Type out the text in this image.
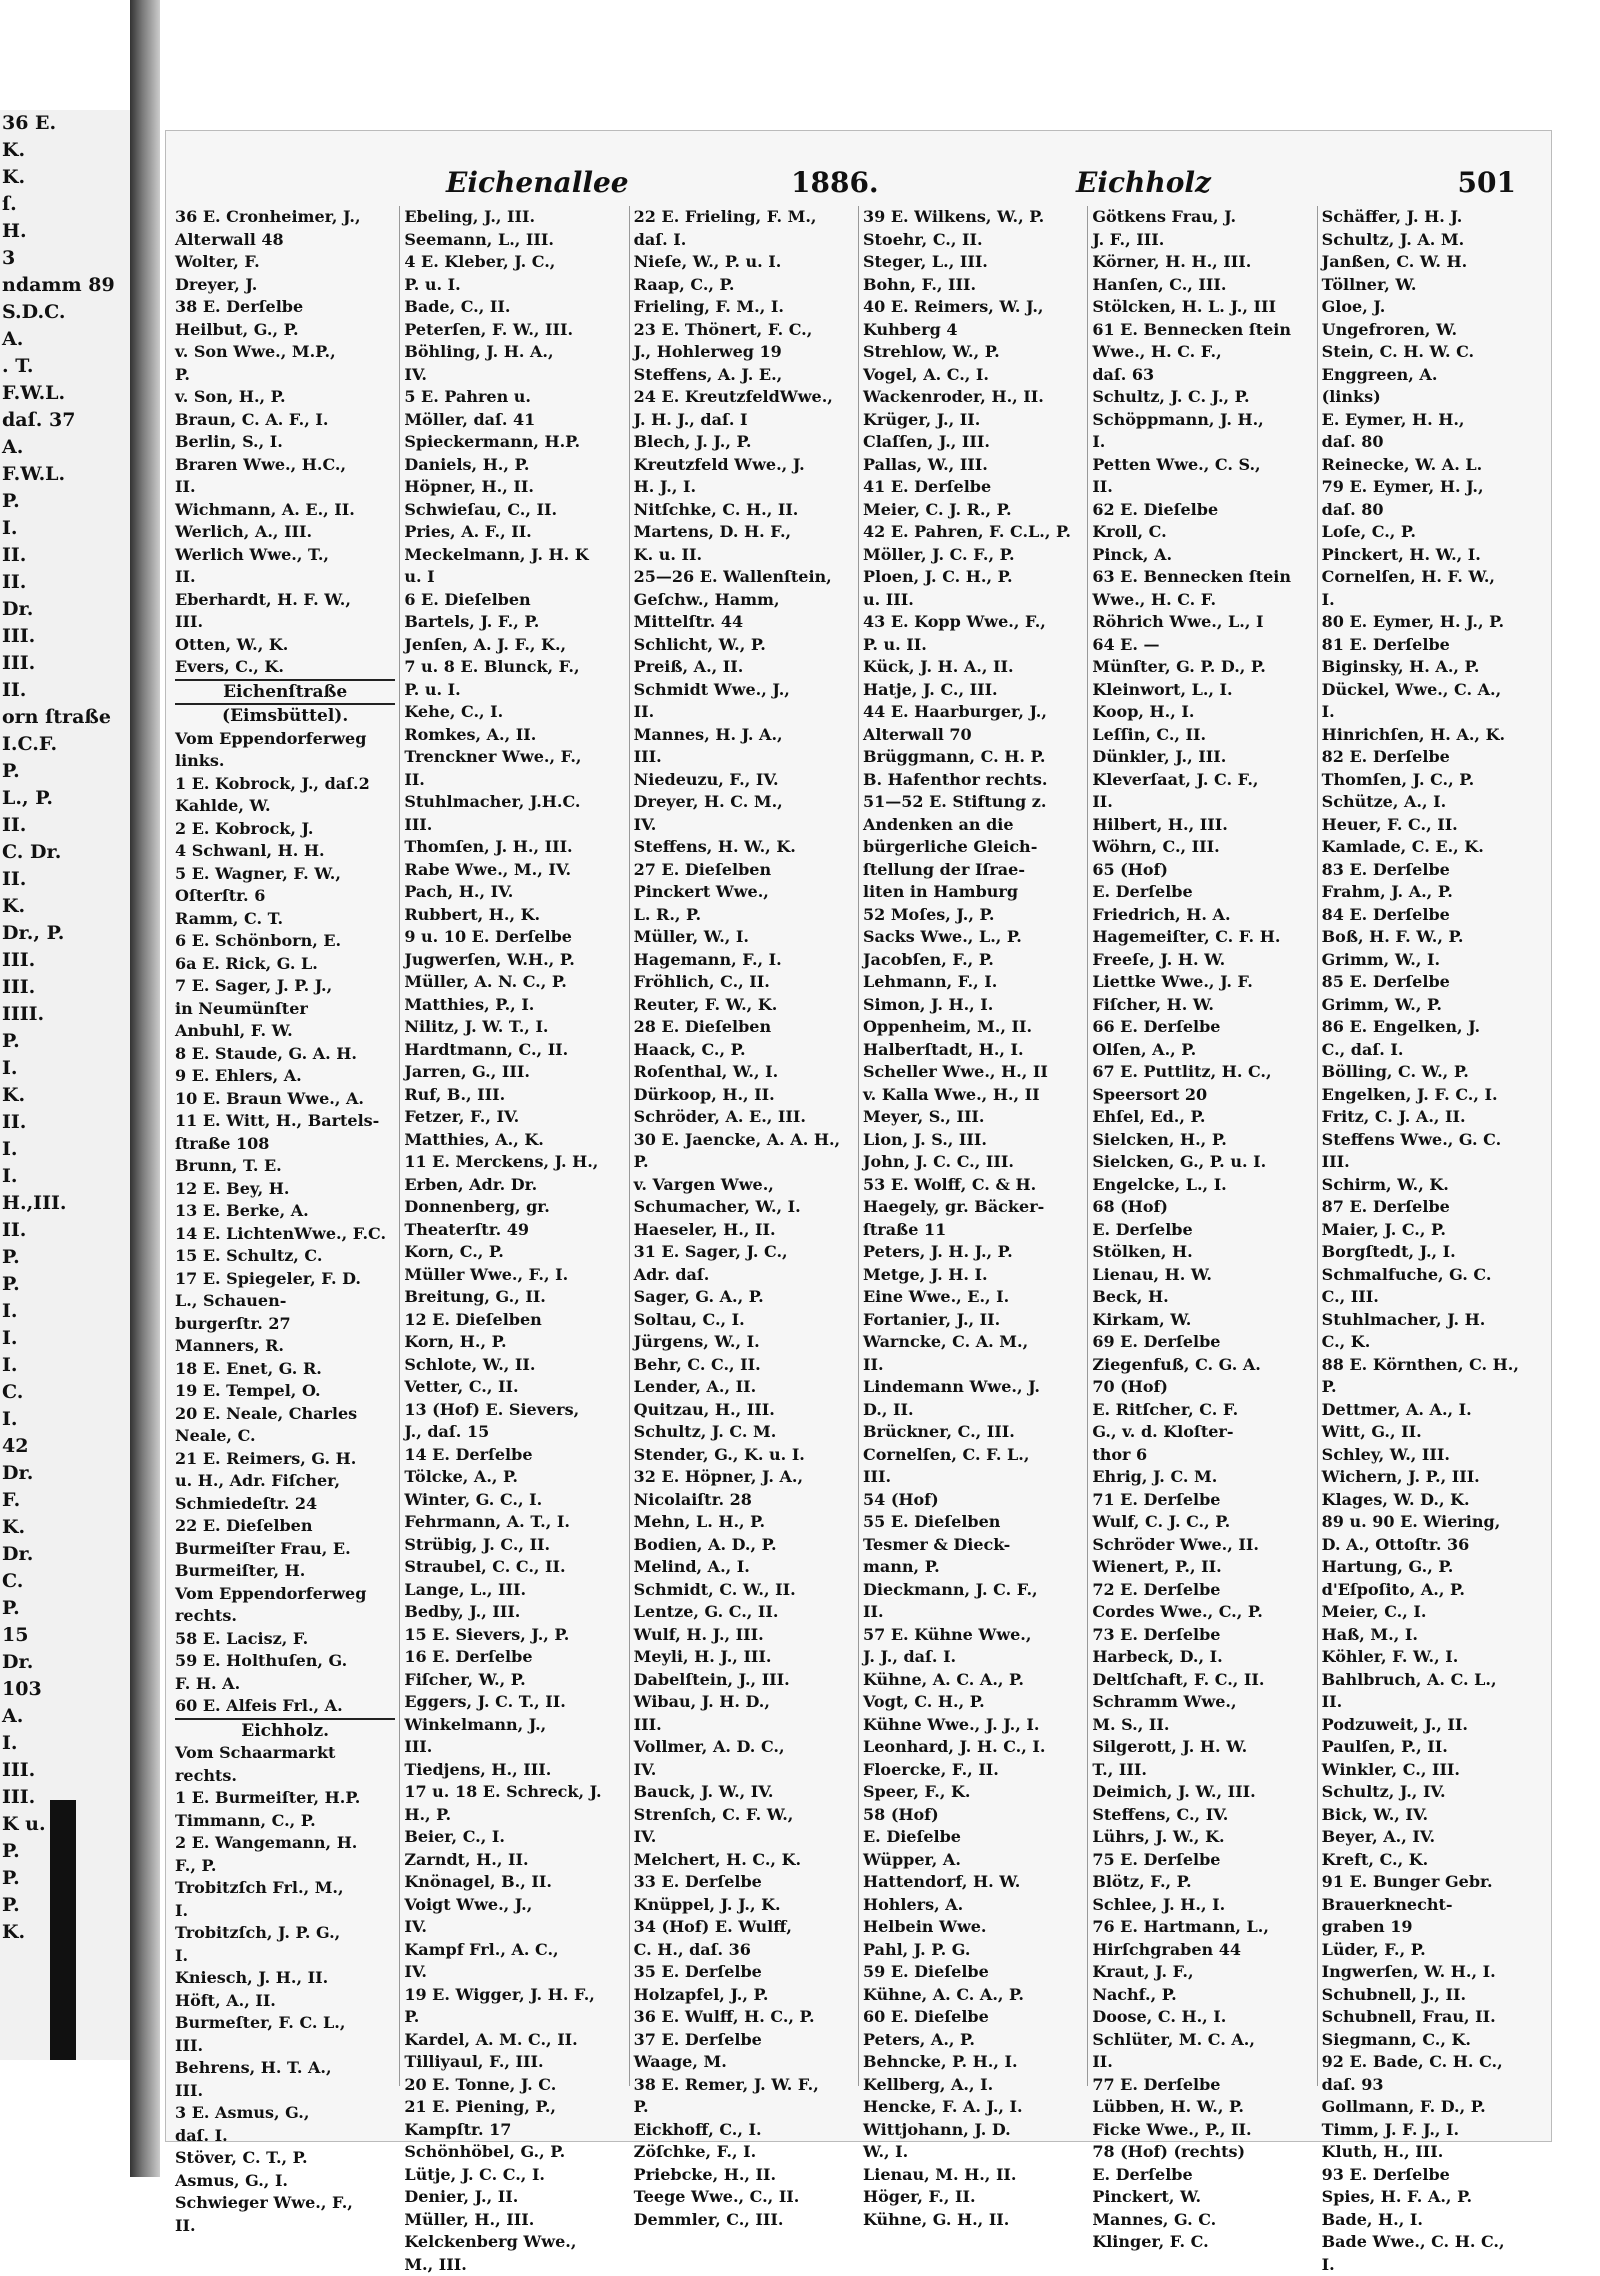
36 E.
K.
K.
ſ.
H.
3
ndamm 89
S.D.C.
A.
. T.
F.W.L.
daſ. 37
A.
F.W.L.
P.
I.
II.
II.
Dr.
III.
III.
II.
orn ſtraße
I.C.F.
P.
L., P.
II.
C. Dr.
II.
K.
Dr., P.
III.
III.
IIII.
P.
I.
K.
II.
I.
I.
H.,III.
II.
P.
P.
I.
I.
I.
C.
I.
42
Dr.
F.
K.
Dr.
C.
P.
15
Dr.
103
A.
I.
III.
III.
K u.
P.
P.
P.
K.
Eichenallee	1886.	Eichholz	501
36 E. Cronheimer, J.,
Alterwall 48
Wolter, F.
Dreyer, J.
38 E. Derſelbe
Heilbut, G., P.
v. Son Wwe., M.P.,
P.
v. Son, H., P.
Braun, C. A. F., I.
Berlin, S., I.
Braren Wwe., H.C.,
II.
Wichmann, A. E., II.
Werlich, A., III.
Werlich Wwe., T.,
II.
Eberhardt, H. F. W.,
III.
Otten, W., K.
Evers, C., K.
Eichenſtraße
(Eimsbüttel).
Vom Eppendorferweg
links.
1 E. Kobrock, J., daſ.2
Kahlde, W.
2 E. Kobrock, J.
4 Schwanl, H. H.
5 E. Wagner, F. W.,
Oſterſtr. 6
Ramm, C. T.
6 E. Schönborn, E.
6a E. Rick, G. L.
7 E. Sager, J. P. J.,
in Neumünſter
Anbuhl, F. W.
8 E. Staude, G. A. H.
9 E. Ehlers, A.
10 E. Braun Wwe., A.
11 E. Witt, H., Bartels-
ſtraße 108
Brunn, T. E.
12 E. Bey, H.
13 E. Berke, A.
14 E. LichtenWwe., F.C.
15 E. Schultz, C.
17 E. Spiegeler, F. D.
L., Schauen-
burgerſtr. 27
Manners, R.
18 E. Enet, G. R.
19 E. Tempel, O.
20 E. Neale, Charles
Neale, C.
21 E. Reimers, G. H.
u. H., Adr. Fiſcher,
Schmiedeſtr. 24
22 E. Dieſelben
Burmeiſter Frau, E.
Burmeiſter, H.
Vom Eppendorferweg
rechts.
58 E. Lacisz, F.
59 E. Holthuſen, G.
F. H. A.
60 E. Alfeis Frl., A.
Eichholz.
Vom Schaarmarkt
rechts.
1 E. Burmeiſter, H.P.
Timmann, C., P.
2 E. Wangemann, H.
F., P.
Trobitzſch Frl., M.,
I.
Trobitzſch, J. P. G.,
I.
Kniesch, J. H., II.
Höft, A., II.
Burmeſter, F. C. L.,
III.
Behrens, H. T. A.,
III.
3 E. Asmus, G.,
daſ. I.
Stöver, C. T., P.
Asmus, G., I.
Schwieger Wwe., F.,
II.
Ebeling, J., III.
Seemann, L., III.
4 E. Kleber, J. C.,
P. u. I.
Bade, C., II.
Peterſen, F. W., III.
Böhling, J. H. A.,
IV.
5 E. Pahren u.
Möller, daſ. 41
Spieckermann, H.P.
Daniels, H., P.
Höpner, H., II.
Schwieſau, C., II.
Pries, A. F., II.
Meckelmann, J. H. K
u. I
6 E. Dieſelben
Bartels, J. F., P.
Jenſen, A. J. F., K.,
7 u. 8 E. Blunck, F.,
P. u. I.
Kehe, C., I.
Romkes, A., II.
Trenckner Wwe., F.,
II.
Stuhlmacher, J.H.C.
III.
Thomſen, J. H., III.
Rabe Wwe., M., IV.
Pach, H., IV.
Rubbert, H., K.
9 u. 10 E. Derſelbe
Jugwerſen, W.H., P.
Müller, A. N. C., P.
Matthies, P., I.
Nilitz, J. W. T., I.
Hardtmann, C., II.
Jarren, G., III.
Ruf, B., III.
Fetzer, F., IV.
Matthies, A., K.
11 E. Merckens, J. H.,
Erben, Adr. Dr.
Donnenberg, gr.
Theaterſtr. 49
Korn, C., P.
Müller Wwe., F., I.
Breitung, G., II.
12 E. Dieſelben
Korn, H., P.
Schlote, W., II.
Vetter, C., II.
13 (Hof) E. Sievers,
J., daſ. 15
14 E. Derſelbe
Tölcke, A., P.
Winter, G. C., I.
Fehrmann, A. T., I.
Strübig, J. C., II.
Straubel, C. C., II.
Lange, L., III.
Bedby, J., III.
15 E. Sievers, J., P.
16 E. Derſelbe
Fiſcher, W., P.
Eggers, J. C. T., II.
Winkelmann, J.,
III.
Tiedjens, H., III.
17 u. 18 E. Schreck, J.
H., P.
Beier, C., I.
Zarndt, H., II.
Knönagel, B., II.
Voigt Wwe., J.,
IV.
Kampf Frl., A. C.,
IV.
19 E. Wigger, J. H. F.,
P.
Kardel, A. M. C., II.
Tilliyaul, F., III.
20 E. Tonne, J. C.
21 E. Piening, P.,
Kampſtr. 17
Schönhöbel, G., P.
Lütje, J. C. C., I.
Denier, J., II.
Müller, H., III.
Kelckenberg Wwe.,
M., III.
22 E. Frieling, F. M.,
daſ. I.
Nieſe, W., P. u. I.
Raap, C., P.
Frieling, F. M., I.
23 E. Thönert, F. C.,
J., Hohlerweg 19
Steffens, A. J. E.,
24 E. KreutzfeldWwe.,
J. H. J., daſ. I
Blech, J. J., P.
Kreutzfeld Wwe., J.
H. J., I.
Nitſchke, C. H., II.
Martens, D. H. F.,
K. u. II.
25—26 E. Wallenſtein,
Geſchw., Hamm,
Mittelſtr. 44
Schlicht, W., P.
Preiß, A., II.
Schmidt Wwe., J.,
II.
Mannes, H. J. A.,
III.
Niedeuzu, F., IV.
Dreyer, H. C. M.,
IV.
Steffens, H. W., K.
27 E. Dieſelben
Pinckert Wwe.,
L. R., P.
Müller, W., I.
Hagemann, F., I.
Fröhlich, C., II.
Reuter, F. W., K.
28 E. Dieſelben
Haack, C., P.
Roſenthal, W., I.
Dürkoop, H., II.
Schröder, A. E., III.
30 E. Jaencke, A. A. H.,
P.
v. Vargen Wwe.,
Schumacher, W., I.
Haeseler, H., II.
31 E. Sager, J. C.,
Adr. daſ.
Sager, G. A., P.
Soltau, C., I.
Jürgens, W., I.
Behr, C. C., II.
Lender, A., II.
Quitzau, H., III.
Schultz, J. C. M.
Stender, G., K. u. I.
32 E. Höpner, J. A.,
Nicolaiſtr. 28
Mehn, L. H., P.
Bodien, A. D., P.
Melind, A., I.
Schmidt, C. W., II.
Lentze, G. C., II.
Wulf, H. J., III.
Meyli, H. J., III.
Dabelſtein, J., III.
Wibau, J. H. D.,
III.
Vollmer, A. D. C.,
IV.
Bauck, J. W., IV.
Strenſch, C. F. W.,
IV.
Melchert, H. C., K.
33 E. Derſelbe
Knüppel, J. J., K.
34 (Hof) E. Wulff,
C. H., daſ. 36
35 E. Derſelbe
Holzapfel, J., P.
36 E. Wulff, H. C., P.
37 E. Derſelbe
Waage, M.
38 E. Remer, J. W. F.,
P.
Eickhoff, C., I.
Zöſchke, F., I.
Priebcke, H., II.
Teege Wwe., C., II.
Demmler, C., III.
39 E. Wilkens, W., P.
Stoehr, C., II.
Steger, L., III.
Bohn, F., III.
40 E. Reimers, W. J.,
Kuhberg 4
Strehlow, W., P.
Vogel, A. C., I.
Wackenroder, H., II.
Krüger, J., II.
Claſſen, J., III.
Pallas, W., III.
41 E. Derſelbe
Meier, C. J. R., P.
42 E. Pahren, F. C.L., P.
Möller, J. C. F., P.
Ploen, J. C. H., P.
u. III.
43 E. Kopp Wwe., F.,
P. u. II.
Kück, J. H. A., II.
Hatje, J. C., III.
44 E. Haarburger, J.,
Alterwall 70
Brüggmann, C. H. P.
B. Hafenthor rechts.
51—52 E. Stiftung z.
Andenken an die
bürgerliche Gleich-
ſtellung der Iſrae-
liten in Hamburg
52 Moſes, J., P.
Sacks Wwe., L., P.
Jacobſen, F., P.
Lehmann, F., I.
Simon, J. H., I.
Oppenheim, M., II.
Halberſtadt, H., I.
Scheller Wwe., H., II
v. Kalla Wwe., H., II
Meyer, S., III.
Lion, J. S., III.
John, J. C. C., III.
53 E. Wolff, C. & H.
Haegely, gr. Bäcker-
ſtraße 11
Peters, J. H. J., P.
Metge, J. H. I.
Eine Wwe., E., I.
Fortanier, J., II.
Warncke, C. A. M.,
II.
Lindemann Wwe., J.
D., II.
Brückner, C., III.
Cornelſen, C. F. L.,
III.
54 (Hof)
55 E. Dieſelben
Tesmer & Dieck-
mann, P.
Dieckmann, J. C. F.,
II.
57 E. Kühne Wwe.,
J. J., daſ. I.
Kühne, A. C. A., P.
Vogt, C. H., P.
Kühne Wwe., J. J., I.
Leonhard, J. H. C., I.
Floercke, F., II.
Speer, F., K.
58 (Hof)
E. Dieſelbe
Wüpper, A.
Hattendorf, H. W.
Hohlers, A.
Helbein Wwe.
Pahl, J. P. G.
59 E. Dieſelbe
Kühne, A. C. A., P.
60 E. Dieſelbe
Peters, A., P.
Behncke, P. H., I.
Kellberg, A., I.
Hencke, F. A. J., I.
Wittjohann, J. D.
W., I.
Lienau, M. H., II.
Höger, F., II.
Kühne, G. H., II.
Götkens Frau, J.
J. F., III.
Körner, H. H., III.
Hanſen, C., III.
Stölcken, H. L. J., III
61 E. Bennecken ſtein
Wwe., H. C. F.,
daſ. 63
Schultz, J. C. J., P.
Schöppmann, J. H.,
I.
Petten Wwe., C. S.,
II.
62 E. Dieſelbe
Kroll, C.
Pinck, A.
63 E. Bennecken ſtein
Wwe., H. C. F.
Röhrich Wwe., L., I
64 E. —
Münſter, G. P. D., P.
Kleinwort, L., I.
Koop, H., I.
Leſſin, C., II.
Dünkler, J., III.
Kleverſaat, J. C. F.,
II.
Hilbert, H., III.
Wöhrn, C., III.
65 (Hof)
E. Derſelbe
Friedrich, H. A.
Hagemeiſter, C. F. H.
Freeſe, J. H. W.
Liettke Wwe., J. F.
Fiſcher, H. W.
66 E. Derſelbe
Olſen, A., P.
67 E. Puttlitz, H. C.,
Speersort 20
Ehſel, Ed., P.
Sielcken, H., P.
Sielcken, G., P. u. I.
Engelcke, L., I.
68 (Hof)
E. Derſelbe
Stölken, H.
Lienau, H. W.
Beck, H.
Kirkam, W.
69 E. Derſelbe
Ziegenfuß, C. G. A.
70 (Hof)
E. Ritſcher, C. F.
G., v. d. Kloſter-
thor 6
Ehrig, J. C. M.
71 E. Derſelbe
Wulf, C. J. C., P.
Schröder Wwe., II.
Wienert, P., II.
72 E. Derſelbe
Cordes Wwe., C., P.
73 E. Derſelbe
Harbeck, D., I.
Deltſchaft, F. C., II.
Schramm Wwe.,
M. S., II.
Silgerott, J. H. W.
T., III.
Deimich, J. W., III.
Steffens, C., IV.
Lührs, J. W., K.
75 E. Derſelbe
Blötz, F., P.
Schlee, J. H., I.
76 E. Hartmann, L.,
Hirſchgraben 44
Kraut, J. F.,
Nachf., P.
Doose, C. H., I.
Schlüter, M. C. A.,
II.
77 E. Derſelbe
Lübben, H. W., P.
Ficke Wwe., P., II.
78 (Hof) (rechts)
E. Derſelbe
Pinckert, W.
Mannes, G. C.
Klinger, F. C.
Schäffer, J. H. J.
Schultz, J. A. M.
Janßen, C. W. H.
Töllner, W.
Gloe, J.
Ungefroren, W.
Stein, C. H. W. C.
Enggreen, A.
(links)
E. Eymer, H. H.,
daſ. 80
Reinecke, W. A. L.
79 E. Eymer, H. J.,
daſ. 80
Loſe, C., P.
Pinckert, H. W., I.
Cornelſen, H. F. W.,
I.
80 E. Eymer, H. J., P.
81 E. Derſelbe
Biginsky, H. A., P.
Dückel, Wwe., C. A.,
I.
Hinrichſen, H. A., K.
82 E. Derſelbe
Thomſen, J. C., P.
Schütze, A., I.
Heuer, F. C., II.
Kamlade, C. E., K.
83 E. Derſelbe
Frahm, J. A., P.
84 E. Derſelbe
Boß, H. F. W., P.
Grimm, W., I.
85 E. Derſelbe
Grimm, W., P.
86 E. Engelken, J.
C., daſ. I.
Bölling, C. W., P.
Engelken, J. F. C., I.
Fritz, C. J. A., II.
Steffens Wwe., G. C.
III.
Schirm, W., K.
87 E. Derſelbe
Maier, J. C., P.
Borgſtedt, J., I.
Schmalfuche, G. C.
C., III.
Stuhlmacher, J. H.
C., K.
88 E. Körnthen, C. H.,
P.
Dettmer, A. A., I.
Witt, G., II.
Schley, W., III.
Wichern, J. P., III.
Klages, W. D., K.
89 u. 90 E. Wiering,
D. A., Ottoſtr. 36
Hartung, G., P.
d'Eſpoſito, A., P.
Meier, C., I.
Haß, M., I.
Köhler, F. W., I.
Bahlbruch, A. C. L.,
II.
Podzuweit, J., II.
Paulſen, P., II.
Winkler, C., III.
Schultz, J., IV.
Bick, W., IV.
Beyer, A., IV.
Kreft, C., K.
91 E. Bunger Gebr.
Brauerknecht-
graben 19
Lüder, F., P.
Ingwerſen, W. H., I.
Schubnell, J., II.
Schubnell, Frau, II.
Siegmann, C., K.
92 E. Bade, C. H. C.,
daſ. 93
Gollmann, F. D., P.
Timm, J. F. J., I.
Kluth, H., III.
93 E. Derſelbe
Spies, H. F. A., P.
Bade, H., I.
Bade Wwe., C. H. C.,
I.
